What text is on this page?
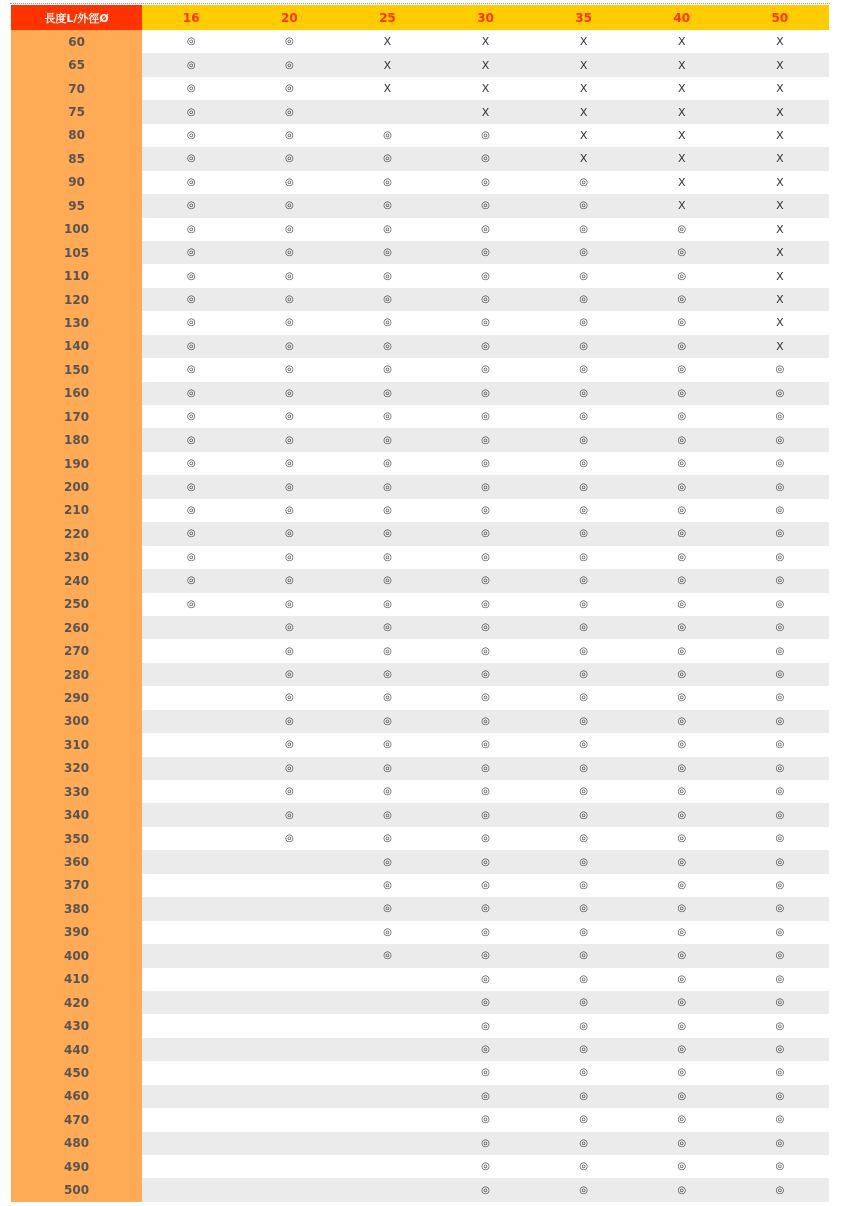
長度L/外徑Ø	16	20	25	30	35	40	50
60	◎	◎	X	X	X	X	X
65	◎	◎	X	X	X	X	X
70	◎	◎	X	X	X	X	X
75	◎	◎		X	X	X	X
80	◎	◎	◎	◎	X	X	X
85	◎	◎	◎	◎	X	X	X
90	◎	◎	◎	◎	◎	X	X
95	◎	◎	◎	◎	◎	X	X
100	◎	◎	◎	◎	◎	◎	X
105	◎	◎	◎	◎	◎	◎	X
110	◎	◎	◎	◎	◎	◎	X
120	◎	◎	◎	◎	◎	◎	X
130	◎	◎	◎	◎	◎	◎	X
140	◎	◎	◎	◎	◎	◎	X
150	◎	◎	◎	◎	◎	◎	◎
160	◎	◎	◎	◎	◎	◎	◎
170	◎	◎	◎	◎	◎	◎	◎
180	◎	◎	◎	◎	◎	◎	◎
190	◎	◎	◎	◎	◎	◎	◎
200	◎	◎	◎	◎	◎	◎	◎
210	◎	◎	◎	◎	◎	◎	◎
220	◎	◎	◎	◎	◎	◎	◎
230	◎	◎	◎	◎	◎	◎	◎
240	◎	◎	◎	◎	◎	◎	◎
250	◎	◎	◎	◎	◎	◎	◎
260		◎	◎	◎	◎	◎	◎
270		◎	◎	◎	◎	◎	◎
280		◎	◎	◎	◎	◎	◎
290		◎	◎	◎	◎	◎	◎
300		◎	◎	◎	◎	◎	◎
310		◎	◎	◎	◎	◎	◎
320		◎	◎	◎	◎	◎	◎
330		◎	◎	◎	◎	◎	◎
340		◎	◎	◎	◎	◎	◎
350		◎	◎	◎	◎	◎	◎
360			◎	◎	◎	◎	◎
370			◎	◎	◎	◎	◎
380			◎	◎	◎	◎	◎
390			◎	◎	◎	◎	◎
400			◎	◎	◎	◎	◎
410				◎	◎	◎	◎
420				◎	◎	◎	◎
430				◎	◎	◎	◎
440				◎	◎	◎	◎
450				◎	◎	◎	◎
460				◎	◎	◎	◎
470				◎	◎	◎	◎
480				◎	◎	◎	◎
490				◎	◎	◎	◎
500				◎	◎	◎	◎
